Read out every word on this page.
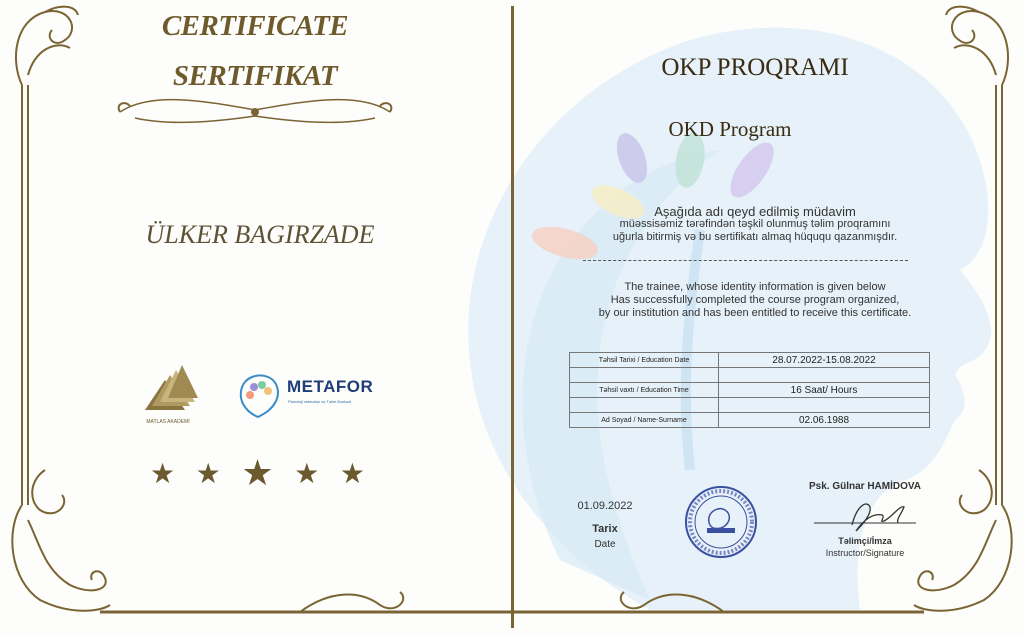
CERTIFICATE
SERTIFIKAT
ÜLKER BAGIRZADE
MATLAS AKADEMİ
METAFOR
Psixoloji xidmətlər və Təlim Mərkəzi
★ ★ ★ ★ ★
OKP PROQRAMI
OKD Program
Aşağıda adı qeyd edilmiş müdavim
müəssisəmiz tərəfindən təşkil olunmuş təlim proqramını
uğurla bitirmiş və bu sertifikatı almaq hüququ qazanmışdır.
The trainee, whose identity information is given below
Has successfully completed the course program organized,
by our institution and has been entitled to receive this certificate.
Təhsil Tarixi / Education Date	28.07.2022-15.08.2022

Təhsil vaxtı / Education Time	16 Saat/ Hours

Ad Soyad / Name-Surname	02.06.1988
01.09.2022
Tarix
Date
Psk. Gülnar HAMİDOVA
Təlimçi/İmza
Instructor/Signature
